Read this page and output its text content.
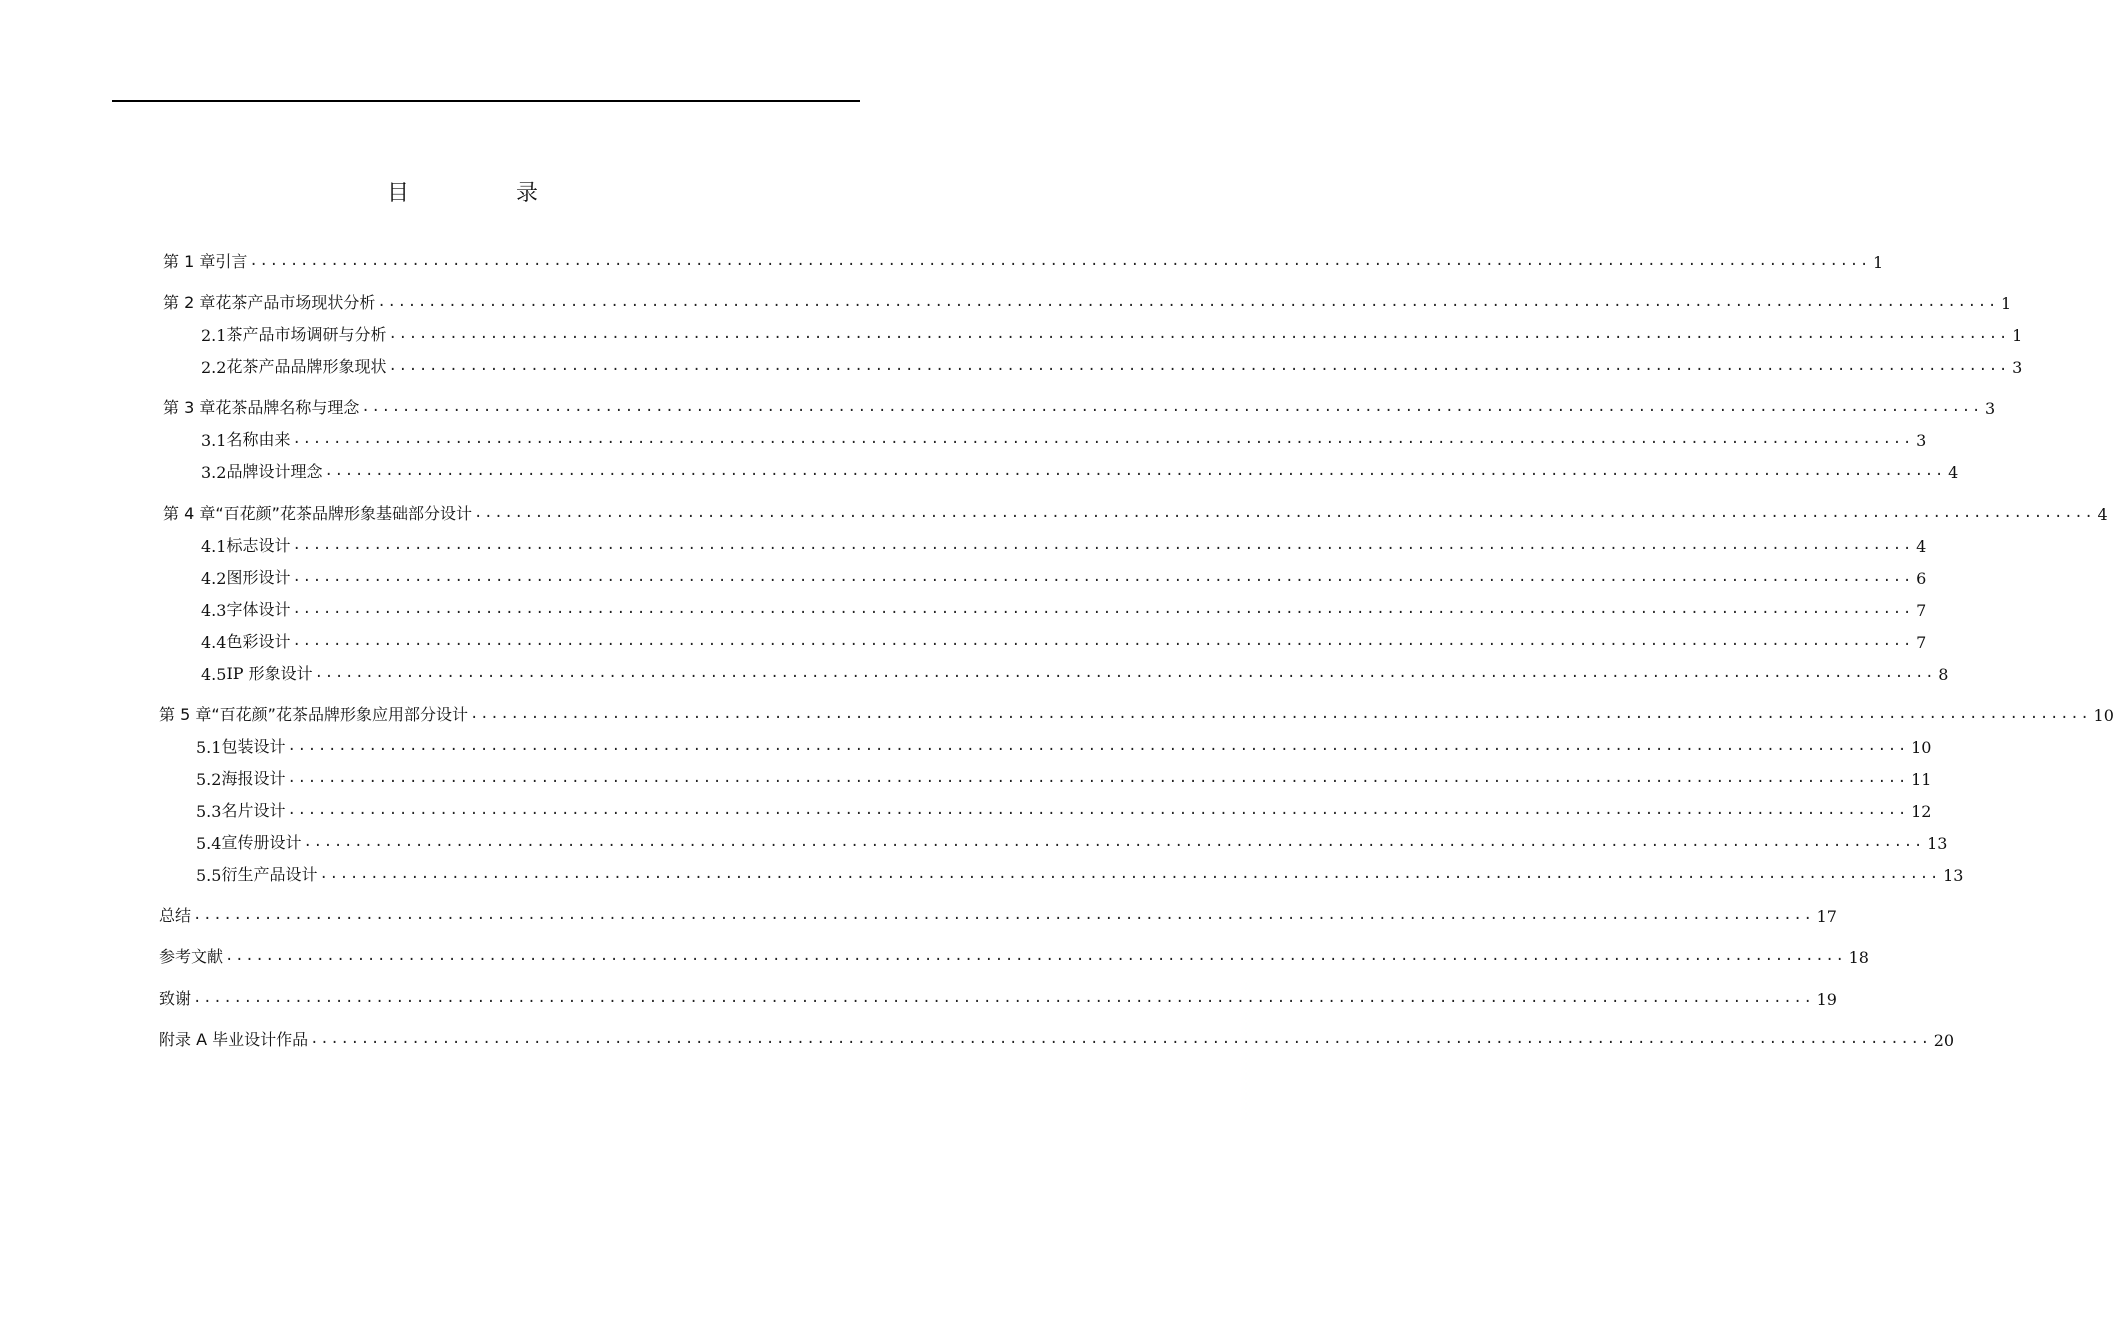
目 录
第 1 章 引言 ................................................................................................................................................................ 1
第 2 章 花茶产品市场现状分析 ................................................................................................................................................................ 1
2.1 茶产品市场调研与分析 ................................................................................................................................................................ 1
2.2 花茶产品品牌形象现状 ................................................................................................................................................................ 3
第 3 章 花茶品牌名称与理念 ................................................................................................................................................................ 3
3.1 名称由来 ................................................................................................................................................................ 3
3.2 品牌设计理念 ................................................................................................................................................................ 4
第 4 章 “百花颜”花茶品牌形象基础部分设计 ................................................................................................................................................................ 4
4.1 标志设计 ................................................................................................................................................................ 4
4.2 图形设计 ................................................................................................................................................................ 6
4.3 字体设计 ................................................................................................................................................................ 7
4.4 色彩设计 ................................................................................................................................................................ 7
4.5 IP 形象设计 ................................................................................................................................................................ 8
第 5 章 “百花颜”花茶品牌形象应用部分设计 ................................................................................................................................................................ 10
5.1 包装设计 ................................................................................................................................................................ 10
5.2 海报设计 ................................................................................................................................................................ 11
5.3 名片设计 ................................................................................................................................................................ 12
5.4 宣传册设计 ................................................................................................................................................................ 13
5.5 衍生产品设计 ................................................................................................................................................................ 13
总结 ................................................................................................................................................................ 17
参考文献 ................................................................................................................................................................ 18
致谢 ................................................................................................................................................................ 19
附录 A 毕业设计作品 ................................................................................................................................................................ 20
